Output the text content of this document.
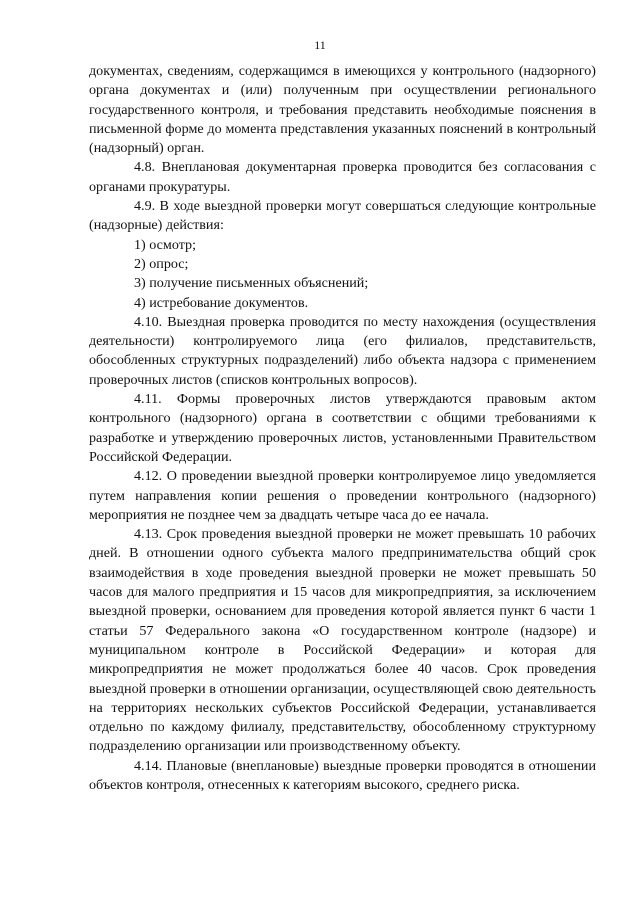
11

документах, сведениям, содержащимся в имеющихся у контрольного (надзорного) органа документах и (или) полученным при осуществлении регионального государственного контроля, и требования представить необходимые пояснения в письменной форме до момента представления указанных пояснений в контрольный (надзорный) орган.

4.8. Внеплановая документарная проверка проводится без согласования с органами прокуратуры.

4.9. В ходе выездной проверки могут совершаться следующие контрольные (надзорные) действия:

1) осмотр;

2) опрос;

3) получение письменных объяснений;

4) истребование документов.

4.10. Выездная проверка проводится по месту нахождения (осуществления деятельности) контролируемого лица (его филиалов, представительств, обособленных структурных подразделений) либо объекта надзора с применением проверочных листов (списков контрольных вопросов).

4.11. Формы проверочных листов утверждаются правовым актом контрольного (надзорного) органа в соответствии с общими требованиями к разработке и утверждению проверочных листов, установленными Правительством Российской Федерации.

4.12. О проведении выездной проверки контролируемое лицо уведомляется путем направления копии решения о проведении контрольного (надзорного) мероприятия не позднее чем за двадцать четыре часа до ее начала.

4.13. Срок проведения выездной проверки не может превышать 10 рабочих дней. В отношении одного субъекта малого предпринимательства общий срок взаимодействия в ходе проведения выездной проверки не может превышать 50 часов для малого предприятия и 15 часов для микропредприятия, за исключением выездной проверки, основанием для проведения которой является пункт 6 части 1 статьи 57 Федерального закона «О государственном контроле (надзоре) и муниципальном контроле в Российской Федерации» и которая для микропредприятия не может продолжаться более 40 часов. Срок проведения выездной проверки в отношении организации, осуществляющей свою деятельность на территориях нескольких субъектов Российской Федерации, устанавливается отдельно по каждому филиалу, представительству, обособленному структурному подразделению организации или производственному объекту.

4.14. Плановые (внеплановые) выездные проверки проводятся в отношении объектов контроля, отнесенных к категориям высокого, среднего риска.
